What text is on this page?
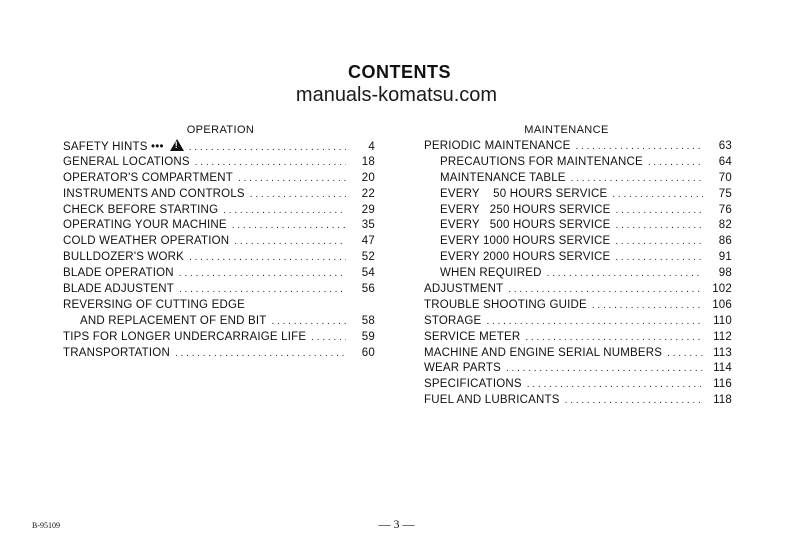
CONTENTS
manuals-komatsu.com
OPERATION
SAFETY HINTS ••• ! . . .	4
GENERAL LOCATIONS . . .	18
OPERATOR'S COMPARTMENT . . .	20
INSTRUMENTS AND CONTROLS . . .	22
CHECK BEFORE STARTING . . .	29
OPERATING YOUR MACHINE . . .	35
COLD WEATHER OPERATION . . .	47
BULLDOZER'S WORK . . .	52
BLADE OPERATION . . .	54
BLADE ADJUSTENT . . .	56
REVERSING OF CUTTING EDGE
AND REPLACEMENT OF END BIT . . .	58
TIPS FOR LONGER UNDERCARRAIGE LIFE . . .	59
TRANSPORTATION . . .	60
MAINTENANCE
PERIODIC MAINTENANCE . . .	63
PRECAUTIONS FOR MAINTENANCE . . .	64
MAINTENANCE TABLE . . .	70
EVERY    50 HOURS SERVICE . . .	75
EVERY   250 HOURS SERVICE . . .	76
EVERY   500 HOURS SERVICE . . .	82
EVERY 1000 HOURS SERVICE . . .	86
EVERY 2000 HOURS SERVICE . . .	91
WHEN REQUIRED . . .	98
ADJUSTMENT . . .	102
TROUBLE SHOOTING GUIDE . . .	106
STORAGE . . .	110
SERVICE METER . . .	112
MACHINE AND ENGINE SERIAL NUMBERS . . .	113
WEAR PARTS . . .	114
SPECIFICATIONS . . .	116
FUEL AND LUBRICANTS . . .	118
B-95109	— 3 —
